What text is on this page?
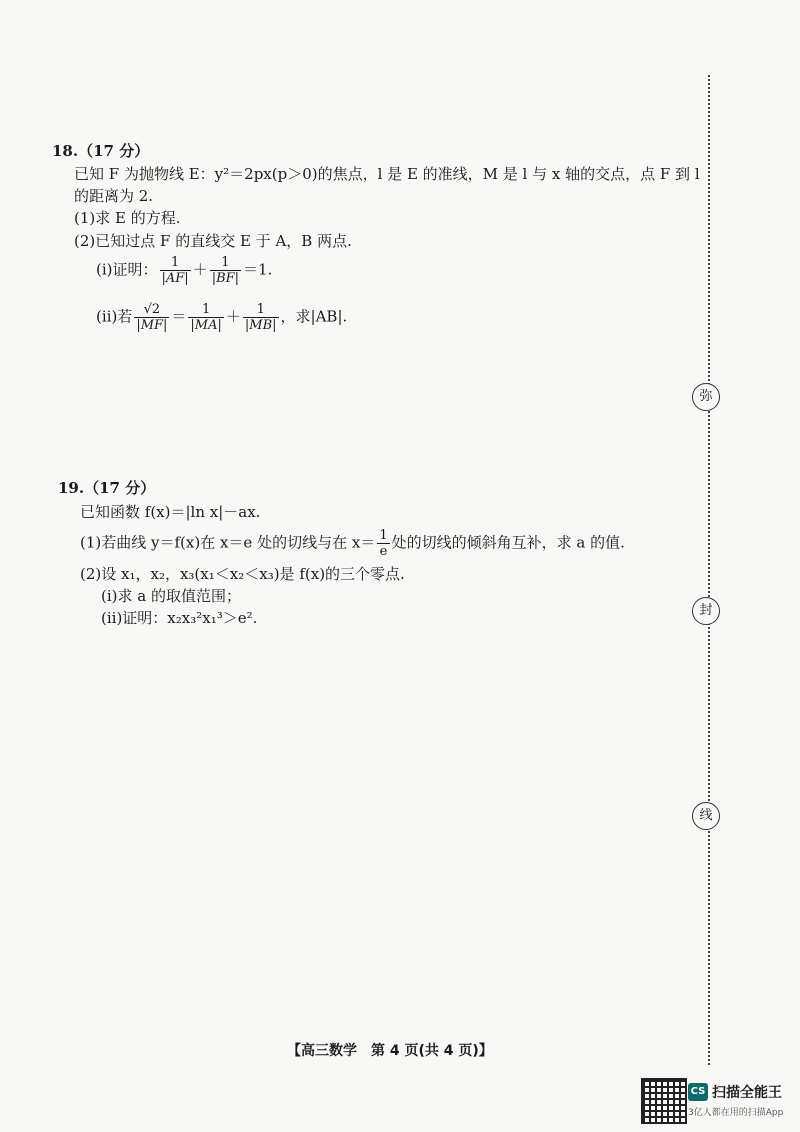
18.（17 分）
已知 F 为抛物线 E：y²＝2px(p＞0)的焦点，l 是 E 的准线，M 是 l 与 x 轴的交点，点 F 到 l
的距离为 2.
(1)求 E 的方程.
(2)已知过点 F 的直线交 E 于 A，B 两点.
(ⅰ)证明： $\frac{1}{|AF|} + \frac{1}{|BF|} =1$.
(ⅱ)若 $\frac{√2}{|MF|} = \frac{1}{|MA|} + \frac{1}{|MB|}$ ，求|AB|.
19.（17 分）
已知函数 f(x)＝|ln x|－ax.
(1)若曲线 y＝f(x)在 x＝e 处的切线与在 $x= \frac{1}{e}$ 处的切线的倾斜角互补，求 a 的值.
(2)设 x₁，x₂，x₃(x₁＜x₂＜x₃)是 f(x)的三个零点.
(ⅰ)求 a 的取值范围；
(ⅱ)证明：x₂x₃²x₁³＞e².
弥
封
线
【高三数学　第 4 页(共 4 页)】
CS 扫描全能王
3亿人都在用的扫描App
